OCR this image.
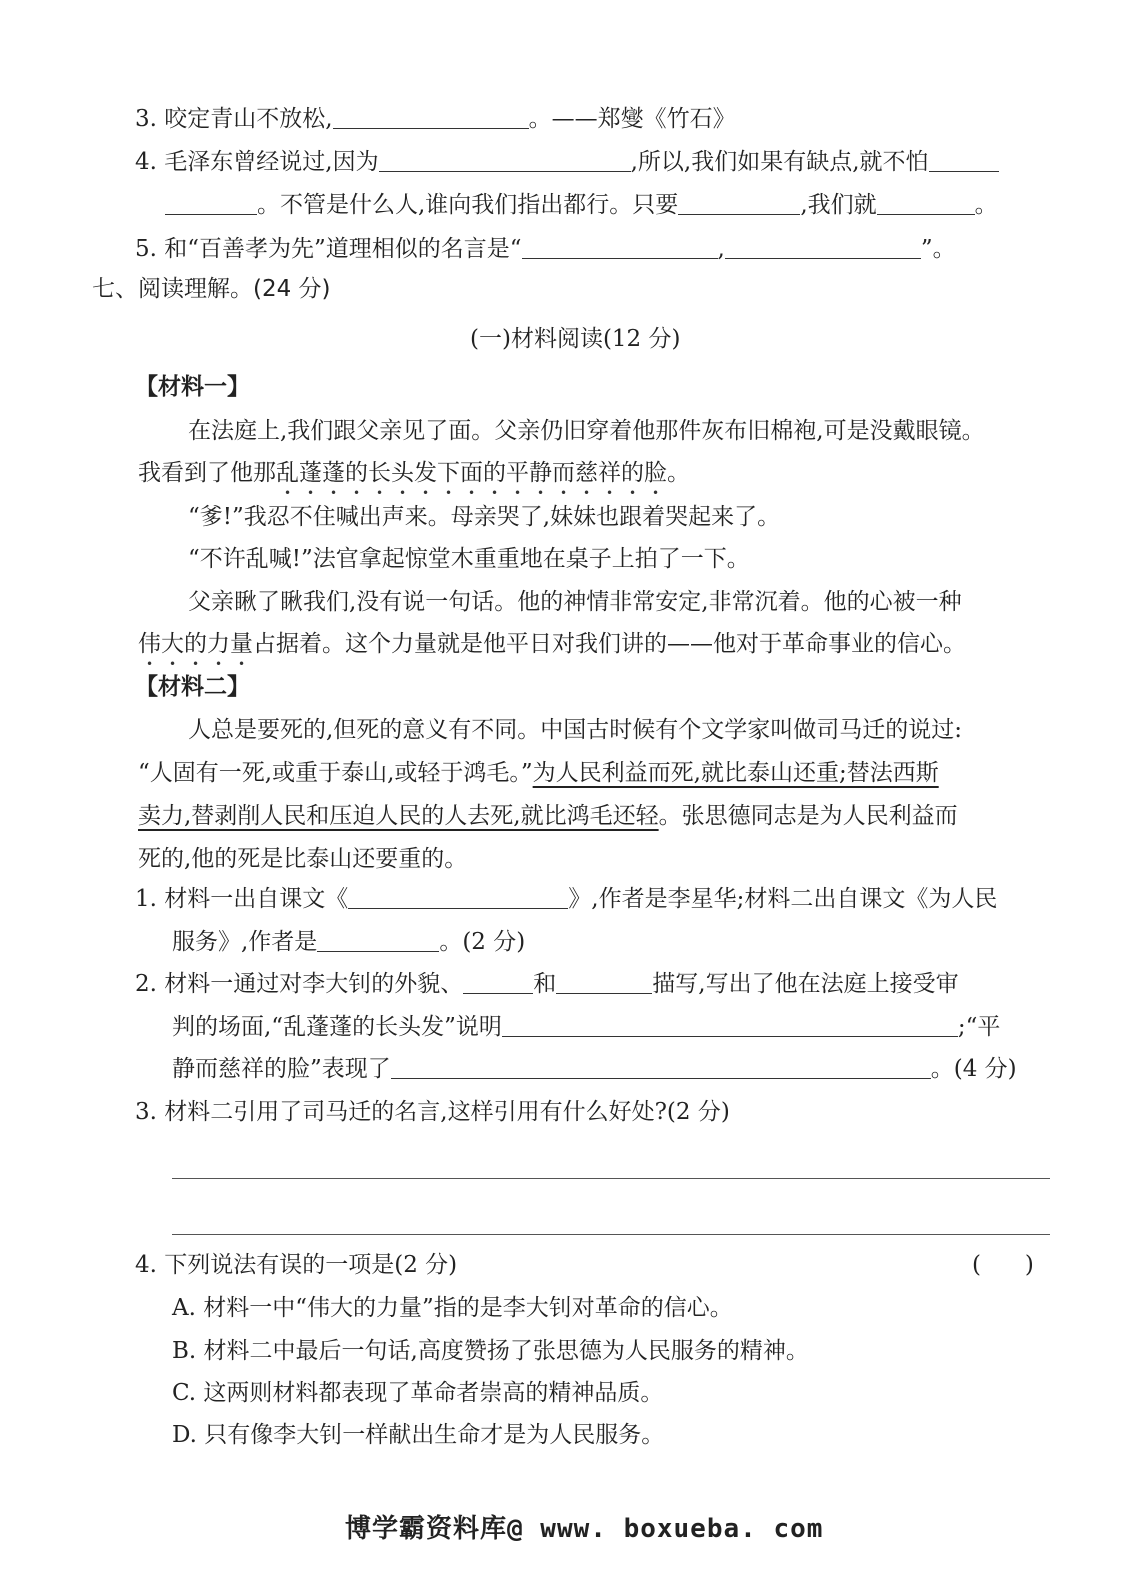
3. 咬定青山不放松,	。——郑燮《竹石》
4. 毛泽东曾经说过,因为	,所以,我们如果有缺点,就不怕
。不管是什么人,谁向我们指出都行。只要	,我们就	。
5. 和“百善孝为先”道理相似的名言是“	,	”。
七、阅读理解。(24 分)
(一)材料阅读(12 分)
【材料一】
在法庭上,我们跟父亲见了面。父亲仍旧穿着他那件灰布旧棉袍,可是没戴眼镜。
我看到了他那乱蓬蓬的长头发下面的平静而慈祥的脸。
“爹!”我忍不住喊出声来。母亲哭了,妹妹也跟着哭起来了。
“不许乱喊!”法官拿起惊堂木重重地在桌子上拍了一下。
父亲瞅了瞅我们,没有说一句话。他的神情非常安定,非常沉着。他的心被一种
伟大的力量占据着。这个力量就是他平日对我们讲的——他对于革命事业的信心。
【材料二】
人总是要死的,但死的意义有不同。中国古时候有个文学家叫做司马迁的说过:
“人固有一死,或重于泰山,或轻于鸿毛。”为人民利益而死,就比泰山还重;替法西斯
卖力,替剥削人民和压迫人民的人去死,就比鸿毛还轻。张思德同志是为人民利益而
死的,他的死是比泰山还要重的。
1. 材料一出自课文《	》,作者是李星华;材料二出自课文《为人民
服务》,作者是	。(2 分)
2. 材料一通过对李大钊的外貌、	和	描写,写出了他在法庭上接受审
判的场面,“乱蓬蓬的长头发”说明	;“平
静而慈祥的脸”表现了	。(4 分)
3. 材料二引用了司马迁的名言,这样引用有什么好处?(2 分)
4. 下列说法有误的一项是(2 分)	(      )
A. 材料一中“伟大的力量”指的是李大钊对革命的信心。
B. 材料二中最后一句话,高度赞扬了张思德为人民服务的精神。
C. 这两则材料都表现了革命者崇高的精神品质。
D. 只有像李大钊一样献出生命才是为人民服务。
博学霸资料库@ www. boxueba. com
